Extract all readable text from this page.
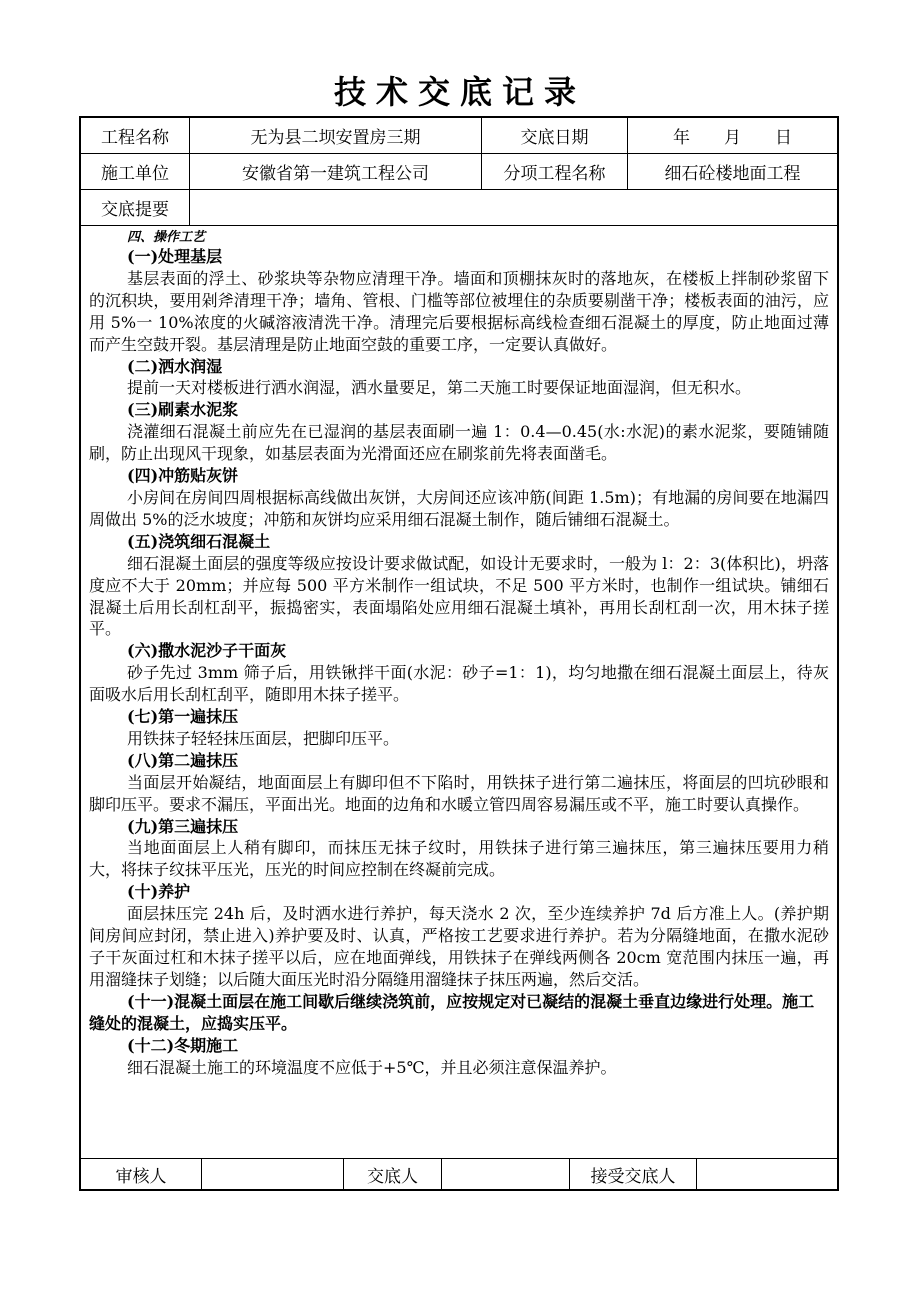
技术交底记录
工程名称	无为县二坝安置房三期	交底日期	年　　月　　日
施工单位	安徽省第一建筑工程公司	分项工程名称	细石砼楼地面工程
交底提要
四、操作工艺

(一)处理基层

基层表面的浮土、砂浆块等杂物应清理干净。墙面和顶棚抹灰时的落地灰，在楼板上拌制砂浆留下的沉积块，要用剁斧清理干净；墙角、管根、门槛等部位被埋住的杂质要剔凿干净；楼板表面的油污，应用 5%一 10%浓度的火碱溶液清洗干净。清理完后要根据标高线检查细石混凝土的厚度，防止地面过薄而产生空鼓开裂。基层清理是防止地面空鼓的重要工序，一定要认真做好。

(二)洒水润湿

提前一天对楼板进行洒水润湿，洒水量要足，第二天施工时要保证地面湿润，但无积水。

(三)刷素水泥浆

浇灌细石混凝土前应先在已湿润的基层表面刷一遍 1：0.4—0.45(水:水泥)的素水泥浆，要随铺随刷，防止出现风干现象，如基层表面为光滑面还应在刷浆前先将表面凿毛。

(四)冲筋贴灰饼

小房间在房间四周根据标高线做出灰饼，大房间还应该冲筋(间距 1.5m)；有地漏的房间要在地漏四周做出 5%的泛水坡度；冲筋和灰饼均应采用细石混凝土制作，随后铺细石混凝土。

(五)浇筑细石混凝土

细石混凝土面层的强度等级应按设计要求做试配，如设计无要求时，一般为 l：2：3(体积比)，坍落度应不大于 20mm；并应每 500 平方米制作一组试块，不足 500 平方米时，也制作一组试块。铺细石混凝土后用长刮杠刮平，振捣密实，表面塌陷处应用细石混凝土填补，再用长刮杠刮一次，用木抹子搓平。

(六)撒水泥沙子干面灰

砂子先过 3mm 筛子后，用铁锹拌干面(水泥：砂子=1：1)，均匀地撒在细石混凝土面层上，待灰面吸水后用长刮杠刮平，随即用木抹子搓平。

(七)第一遍抹压

用铁抹子轻轻抹压面层，把脚印压平。

(八)第二遍抹压

当面层开始凝结，地面面层上有脚印但不下陷时，用铁抹子进行第二遍抹压，将面层的凹坑砂眼和脚印压平。要求不漏压，平面出光。地面的边角和水暖立管四周容易漏压或不平，施工时要认真操作。

(九)第三遍抹压

当地面面层上人稍有脚印，而抹压无抹子纹时，用铁抹子进行第三遍抹压，第三遍抹压要用力稍大，将抹子纹抹平压光，压光的时间应控制在终凝前完成。

(十)养护

面层抹压完 24h 后，及时洒水进行养护，每天浇水 2 次，至少连续养护 7d 后方准上人。(养护期间房间应封闭，禁止进入)养护要及时、认真，严格按工艺要求进行养护。若为分隔缝地面，在撒水泥砂子干灰面过杠和木抹子搓平以后，应在地面弹线，用铁抹子在弹线两侧各 20cm 宽范围内抹压一遍，再用溜缝抹子划缝；以后随大面压光时沿分隔缝用溜缝抹子抹压两遍，然后交活。

(十一)混凝土面层在施工间歇后继续浇筑前，应按规定对已凝结的混凝土垂直边缘进行处理。施工缝处的混凝土，应捣实压平。

(十二)冬期施工

细石混凝土施工的环境温度不应低于+5℃，并且必须注意保温养护。

审核人	交底人	接受交底人
